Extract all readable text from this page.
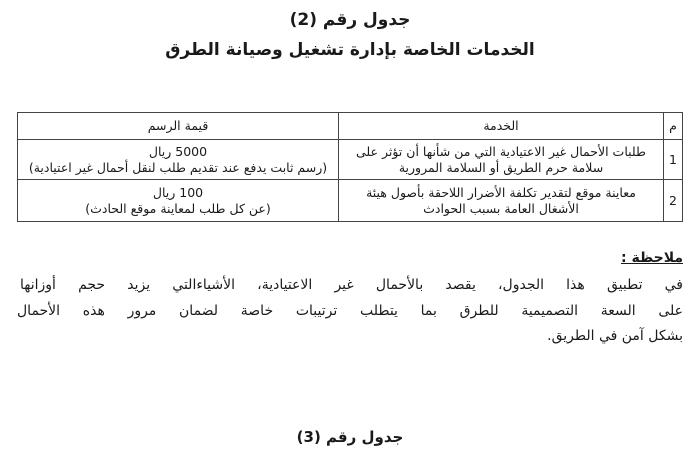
جدول رقم (2)
الخدمات الخاصة بإدارة تشغيل وصيانة الطرق
م	الخدمة	قيمة الرسم
1	طلبات الأحمال غير الاعتيادية التي من شأنها أن تؤثر على سلامة حرم الطريق أو السلامة المرورية	5000 ريال
(رسم ثابت يدفع عند تقديم طلب لنقل أحمال غير اعتيادية)

2	معاينة موقع لتقدير تكلفة الأضرار اللاحقة بأصول هيئة الأشغال العامة بسبب الحوادث	100 ريال
(عن كل طلب لمعاينة موقع الحادث)
ملاحظة :
في تطبيق هذا الجدول، يقصد بالأحمال غير الاعتيادية، الأشياءالتي يزيد حجم أوزانها
على السعة التصميمية للطرق بما يتطلب ترتيبات خاصة لضمان مرور هذه الأحمال
بشكل آمن في الطريق.
جدول رقم (3)
